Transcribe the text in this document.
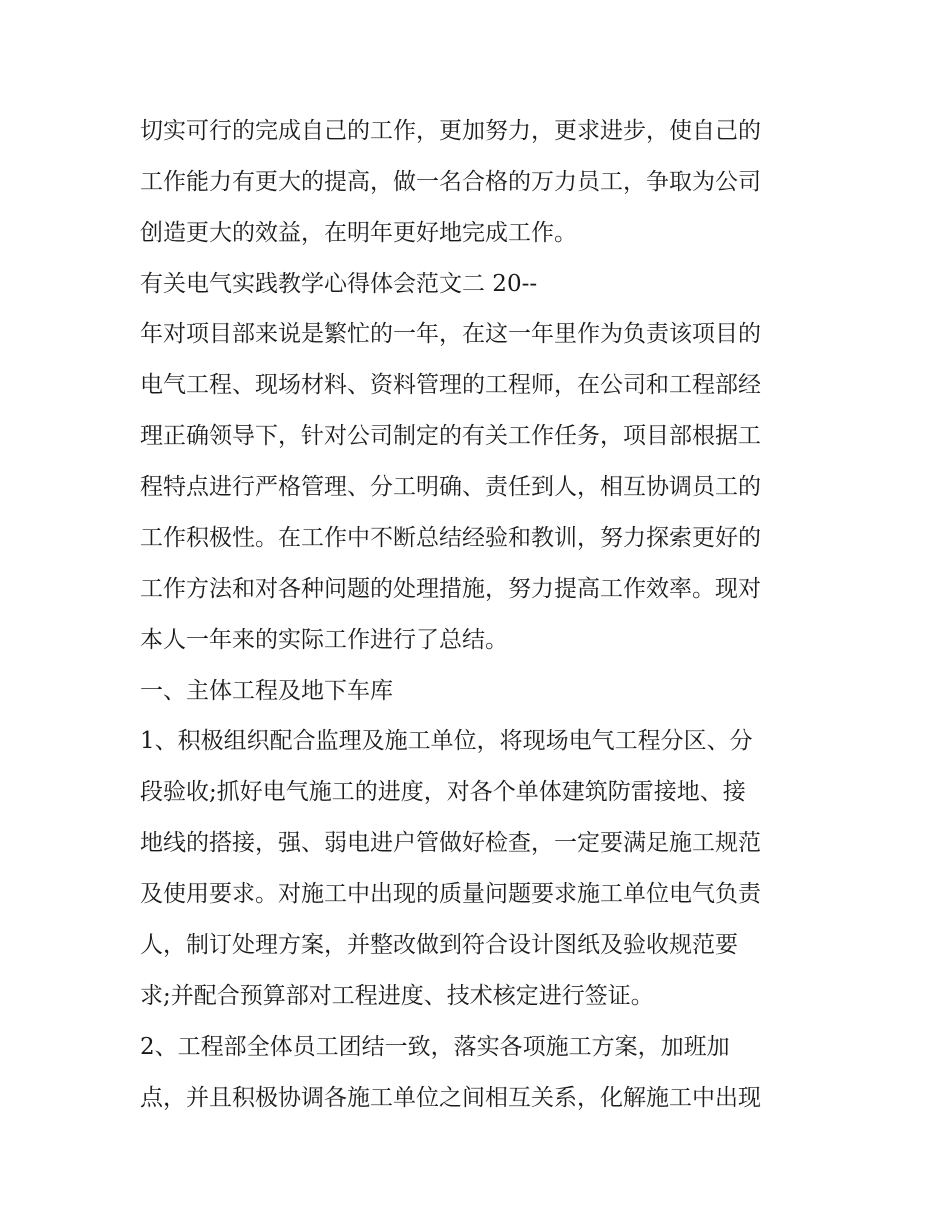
切实可行的完成自己的工作，更加努力，更求进步，使自己的
工作能力有更大的提高，做一名合格的万力员工，争取为公司
创造更大的效益，在明年更好地完成工作。
有关电气实践教学心得体会范文二 20--
年对项目部来说是繁忙的一年，在这一年里作为负责该项目的
电气工程、现场材料、资料管理的工程师，在公司和工程部经
理正确领导下，针对公司制定的有关工作任务，项目部根据工
程特点进行严格管理、分工明确、责任到人，相互协调员工的
工作积极性。在工作中不断总结经验和教训，努力探索更好的
工作方法和对各种问题的处理措施，努力提高工作效率。现对
本人一年来的实际工作进行了总结。
一、主体工程及地下车库
1、积极组织配合监理及施工单位，将现场电气工程分区、分
段验收;抓好电气施工的进度，对各个单体建筑防雷接地、接
地线的搭接，强、弱电进户管做好检查，一定要满足施工规范
及使用要求。对施工中出现的质量问题要求施工单位电气负责
人，制订处理方案，并整改做到符合设计图纸及验收规范要
求;并配合预算部对工程进度、技术核定进行签证。
2、工程部全体员工团结一致，落实各项施工方案，加班加
点，并且积极协调各施工单位之间相互关系，化解施工中出现
